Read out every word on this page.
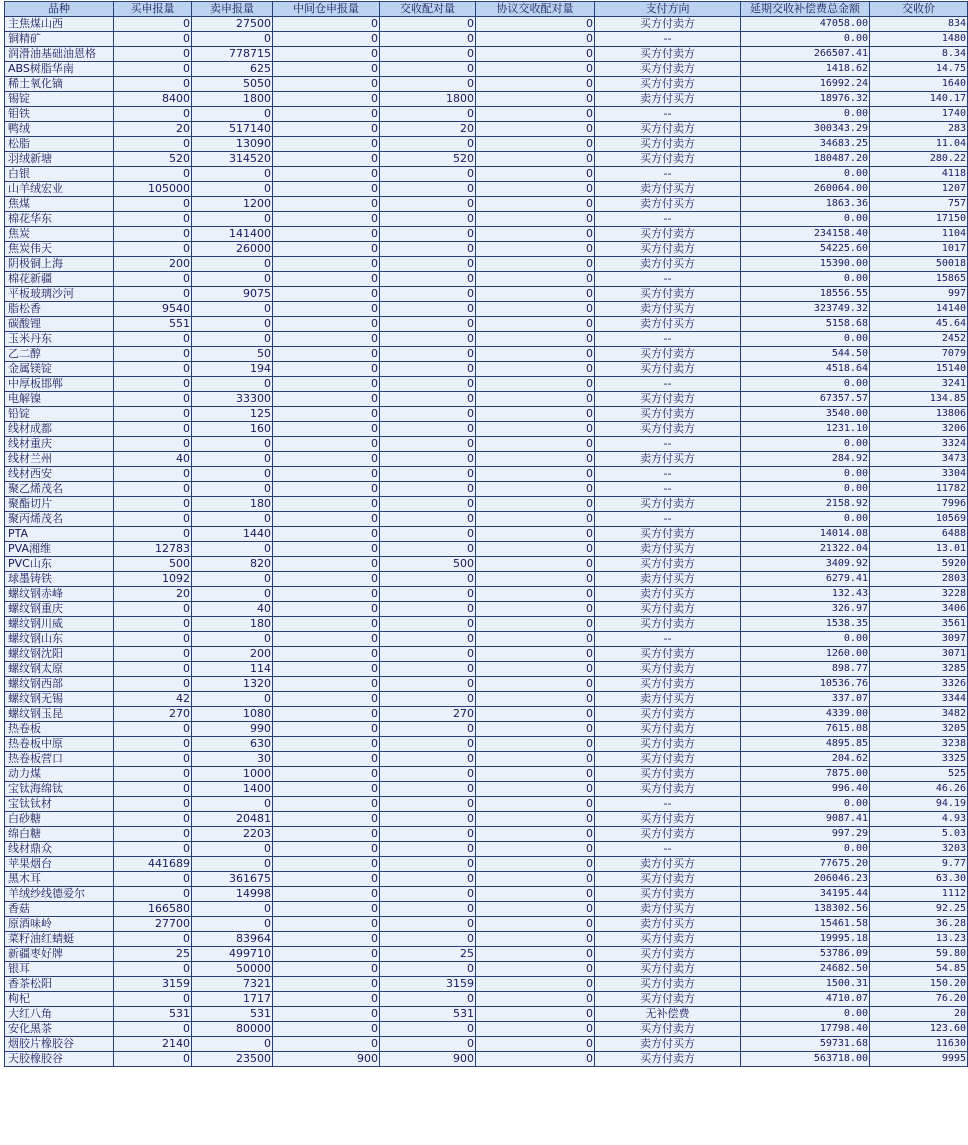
品种	买申报量	卖申报量	中间仓申报量	交收配对量	协议交收配对量	支付方向	延期交收补偿费总金额	交收价
主焦煤山西	0	27500	0	0	0	买方付卖方	47058.00	834
铜精矿	0	0	0	0	0	--	0.00	1480
润滑油基础油恩格	0	778715	0	0	0	买方付卖方	266507.41	8.34
ABS树脂华南	0	625	0	0	0	买方付卖方	1418.62	14.75
稀土氧化镝	0	5050	0	0	0	买方付卖方	16992.24	1640
锡锭	8400	1800	0	1800	0	卖方付买方	18976.32	140.17
钼铁	0	0	0	0	0	--	0.00	1740
鸭绒	20	517140	0	20	0	买方付卖方	300343.29	283
松脂	0	13090	0	0	0	买方付卖方	34683.25	11.04
羽绒新塘	520	314520	0	520	0	买方付卖方	180487.20	280.22
白银	0	0	0	0	0	--	0.00	4118
山羊绒宏业	105000	0	0	0	0	卖方付买方	260064.00	1207
焦煤	0	1200	0	0	0	卖方付买方	1863.36	757
棉花华东	0	0	0	0	0	--	0.00	17150
焦炭	0	141400	0	0	0	买方付卖方	234158.40	1104
焦炭伟天	0	26000	0	0	0	买方付卖方	54225.60	1017
阴极铜上海	200	0	0	0	0	卖方付买方	15390.00	50018
棉花新疆	0	0	0	0	0	--	0.00	15865
平板玻璃沙河	0	9075	0	0	0	买方付卖方	18556.55	997
脂松香	9540	0	0	0	0	卖方付买方	323749.32	14140
碳酸锂	551	0	0	0	0	卖方付买方	5158.68	45.64
玉米丹东	0	0	0	0	0	--	0.00	2452
乙二醇	0	50	0	0	0	买方付卖方	544.50	7079
金属镁锭	0	194	0	0	0	买方付卖方	4518.64	15140
中厚板邯郸	0	0	0	0	0	--	0.00	3241
电解镍	0	33300	0	0	0	买方付卖方	67357.57	134.85
铅锭	0	125	0	0	0	买方付卖方	3540.00	13806
线材成都	0	160	0	0	0	买方付卖方	1231.10	3206
线材重庆	0	0	0	0	0	--	0.00	3324
线材兰州	40	0	0	0	0	卖方付买方	284.92	3473
线材西安	0	0	0	0	0	--	0.00	3304
聚乙烯茂名	0	0	0	0	0	--	0.00	11782
聚酯切片	0	180	0	0	0	买方付卖方	2158.92	7996
聚丙烯茂名	0	0	0	0	0	--	0.00	10569
PTA	0	1440	0	0	0	买方付卖方	14014.08	6488
PVA湘维	12783	0	0	0	0	卖方付买方	21322.04	13.01
PVC山东	500	820	0	500	0	买方付卖方	3409.92	5920
球墨铸铁	1092	0	0	0	0	卖方付买方	6279.41	2803
螺纹钢赤峰	20	0	0	0	0	卖方付买方	132.43	3228
螺纹钢重庆	0	40	0	0	0	买方付卖方	326.97	3406
螺纹钢川威	0	180	0	0	0	买方付卖方	1538.35	3561
螺纹钢山东	0	0	0	0	0	--	0.00	3097
螺纹钢沈阳	0	200	0	0	0	买方付卖方	1260.00	3071
螺纹钢太原	0	114	0	0	0	买方付卖方	898.77	3285
螺纹钢西部	0	1320	0	0	0	买方付卖方	10536.76	3326
螺纹钢无锡	42	0	0	0	0	卖方付买方	337.07	3344
螺纹钢玉昆	270	1080	0	270	0	买方付卖方	4339.00	3482
热卷板	0	990	0	0	0	买方付卖方	7615.08	3205
热卷板中原	0	630	0	0	0	买方付卖方	4895.85	3238
热卷板营口	0	30	0	0	0	买方付卖方	204.62	3325
动力煤	0	1000	0	0	0	买方付卖方	7875.00	525
宝钛海绵钛	0	1400	0	0	0	买方付卖方	996.40	46.26
宝钛钛材	0	0	0	0	0	--	0.00	94.19
白砂糖	0	20481	0	0	0	买方付卖方	9087.41	4.93
绵白糖	0	2203	0	0	0	买方付卖方	997.29	5.03
线材鼎众	0	0	0	0	0	--	0.00	3203
苹果烟台	441689	0	0	0	0	卖方付买方	77675.20	9.77
黑木耳	0	361675	0	0	0	买方付卖方	206046.23	63.30
羊绒纱线德爱尔	0	14998	0	0	0	买方付卖方	34195.44	1112
香菇	166580	0	0	0	0	卖方付买方	138302.56	92.25
原酒味岭	27700	0	0	0	0	卖方付买方	15461.58	36.28
菜籽油红蜻蜓	0	83964	0	0	0	买方付卖方	19995.18	13.23
新疆枣好牌	25	499710	0	25	0	买方付卖方	53786.09	59.80
银耳	0	50000	0	0	0	买方付卖方	24682.50	54.85
香茶松阳	3159	7321	0	3159	0	买方付卖方	1500.31	150.20
枸杞	0	1717	0	0	0	买方付卖方	4710.07	76.20
大红八角	531	531	0	531	0	无补偿费	0.00	20
安化黑茶	0	80000	0	0	0	买方付卖方	17798.40	123.60
烟胶片橡胶谷	2140	0	0	0	0	卖方付买方	59731.68	11630
天胶橡胶谷	0	23500	900	900	0	买方付卖方	563718.00	9995
